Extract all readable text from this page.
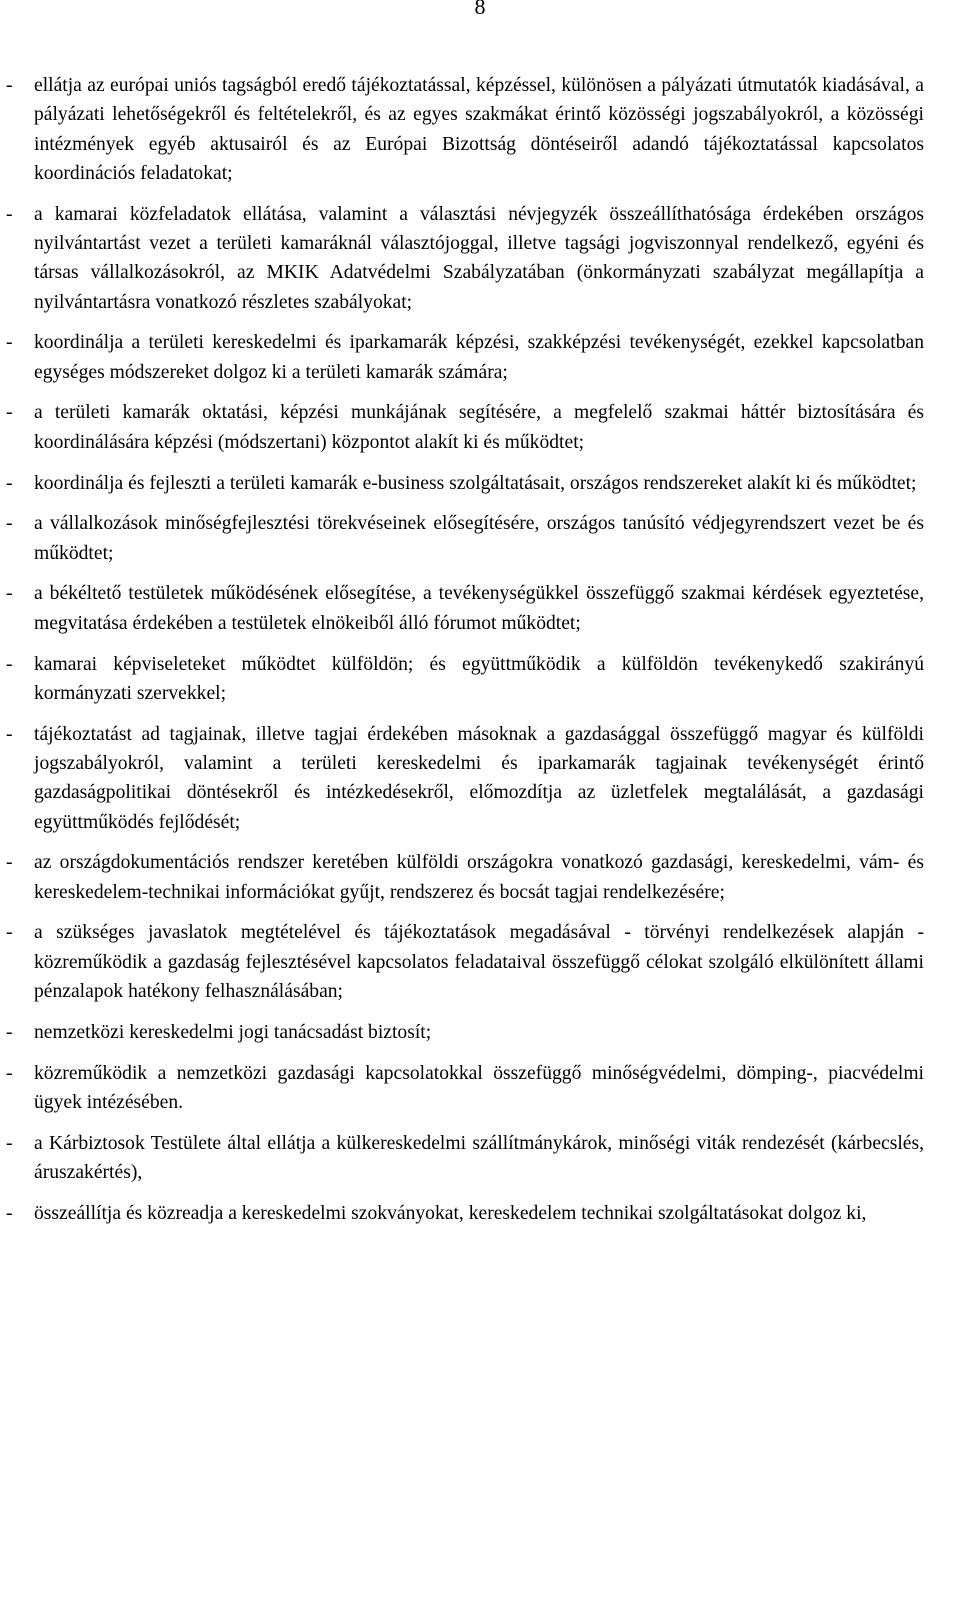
8
- ellátja az európai uniós tagságból eredő tájékoztatással, képzéssel, különösen a pályázati útmutatók kiadásával, a pályázati lehetőségekről és feltételekről, és az egyes szakmákat érintő közösségi jogszabályokról, a közösségi intézmények egyéb aktusairól és az Európai Bizottság döntéseiről adandó tájékoztatással kapcsolatos koordinációs feladatokat;
- a kamarai közfeladatok ellátása, valamint a választási névjegyzék összeállíthatósága érdekében országos nyilvántartást vezet a területi kamaráknál választójoggal, illetve tagsági jogviszonnyal rendelkező, egyéni és társas vállalkozásokról, az MKIK Adatvédelmi Szabályzatában (önkormányzati szabályzat megállapítja a nyilvántartásra vonatkozó részletes szabályokat;
- koordinálja a területi kereskedelmi és iparkamarák képzési, szakképzési tevékenységét, ezekkel kapcsolatban egységes módszereket dolgoz ki a területi kamarák számára;
- a területi kamarák oktatási, képzési munkájának segítésére, a megfelelő szakmai háttér biztosítására és koordinálására képzési (módszertani) központot alakít ki és működtet;
- koordinálja és fejleszti a területi kamarák e-business szolgáltatásait, országos rendszereket alakít ki és működtet;
- a vállalkozások minőségfejlesztési törekvéseinek elősegítésére, országos tanúsító védjegyrendszert vezet be és működtet;
- a békéltető testületek működésének elősegítése, a tevékenységükkel összefüggő szakmai kérdések egyeztetése, megvitatása érdekében a testületek elnökeiből álló fórumot működtet;
- kamarai képviseleteket működtet külföldön; és együttműködik a külföldön tevékenykedő szakirányú kormányzati szervekkel;
- tájékoztatást ad tagjainak, illetve tagjai érdekében másoknak a gazdasággal összefüggő magyar és külföldi jogszabályokról, valamint a területi kereskedelmi és iparkamarák tagjainak tevékenységét érintő gazdaságpolitikai döntésekről és intézkedésekről, előmozdítja az üzletfelek megtalálását, a gazdasági együttműködés fejlődését;
- az országdokumentációs rendszer keretében külföldi országokra vonatkozó gazdasági, kereskedelmi, vám- és kereskedelem-technikai információkat gyűjt, rendszerez és bocsát tagjai rendelkezésére;
- a szükséges javaslatok megtételével és tájékoztatások megadásával - törvényi rendelkezések alapján - közreműködik a gazdaság fejlesztésével kapcsolatos feladataival összefüggő célokat szolgáló elkülönített állami pénzalapok hatékony felhasználásában;
- nemzetközi kereskedelmi jogi tanácsadást biztosít;
- közreműködik a nemzetközi gazdasági kapcsolatokkal összefüggő minőségvédelmi, dömping-, piacvédelmi ügyek intézésében.
- a Kárbiztosok Testülete által ellátja a külkereskedelmi szállítmánykárok, minőségi viták rendezését (kárbecslés, áruszakértés),
- összeállítja és közreadja a kereskedelmi szokványokat, kereskedelem technikai szolgáltatásokat dolgoz ki,
